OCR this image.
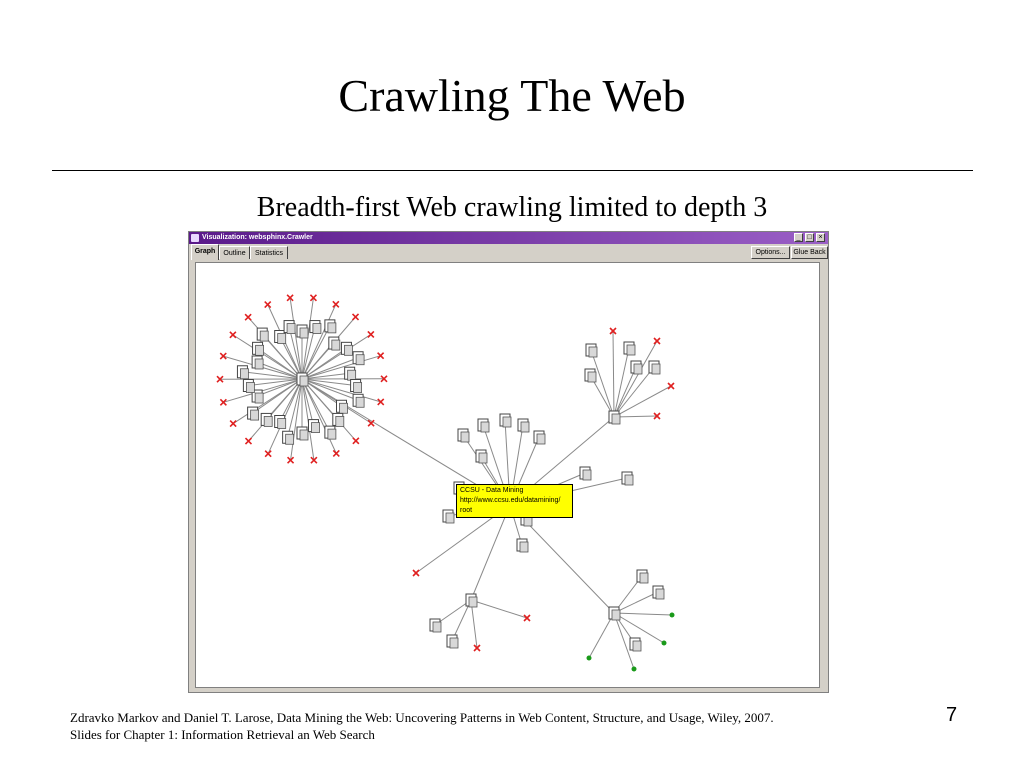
Crawling The Web
Breadth-first Web crawling limited to depth 3
Visualization: websphinx.Crawler	_ □ ×
Graph	Outline	Statistics	Options...	Glue Back
CCSU - Data Mining
http://www.ccsu.edu/datamining/
root
Zdravko Markov and Daniel T. Larose, Data Mining the Web: Uncovering Patterns in Web Content, Structure, and Usage, Wiley, 2007.
Slides for Chapter 1: Information Retrieval an Web Search
7
